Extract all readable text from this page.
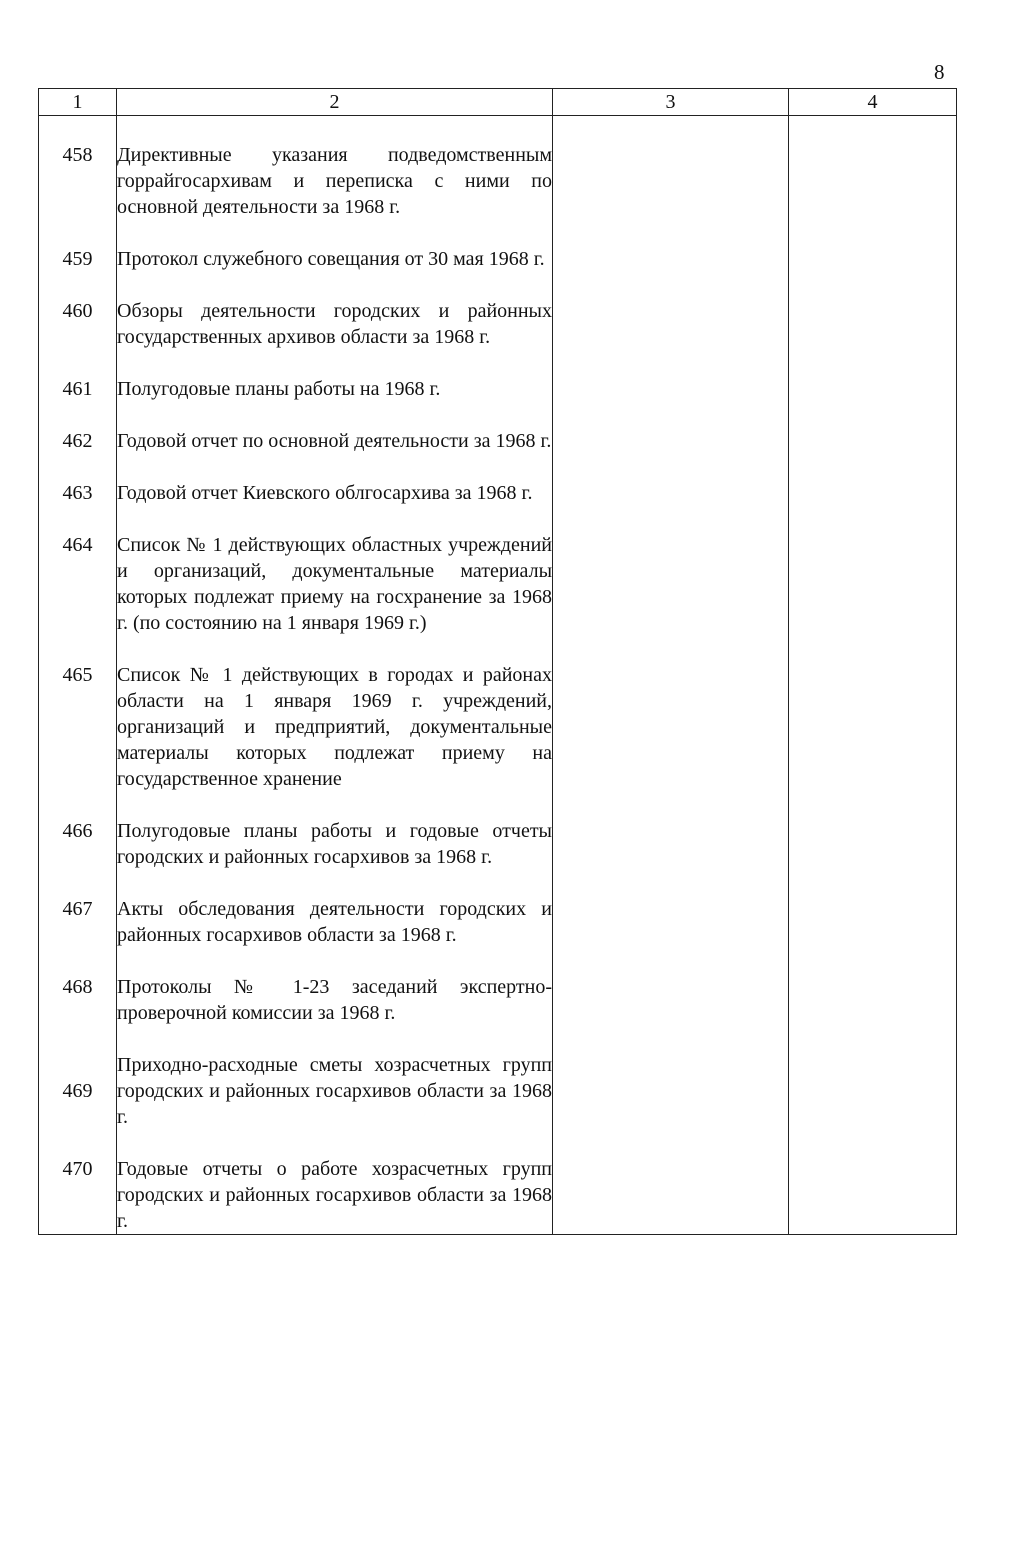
8
1	2	3	4

458	Директивные указания подведомственным горрайгосархивам и переписка с ними по основной деятельности за 1968 г.		

459	Протокол служебного совещания от 30 мая 1968 г.		

460	Обзоры деятельности городских и районных государственных архивов области за 1968 г.		

461	Полугодовые планы работы на 1968 г.		

462	Годовой отчет по основной деятельности за 1968 г.		

463	Годовой отчет Киевского облгосархива за 1968 г.		

464	Список № 1 действующих областных учреждений и организаций, документальные материалы которых подлежат приему на госхранение за 1968 г. (по состоянию на 1 января 1969 г.)		

465	Список № 1 действующих в городах и районах области на 1 января 1969 г. учреждений, организаций и предприятий, документальные материалы которых подлежат приему на государственное хранение		

466	Полугодовые планы работы и годовые отчеты городских и районных госархивов за 1968 г.		

467	Акты обследования деятельности городских и районных госархивов области за 1968 г.		

468	Протоколы № 1-23 заседаний экспертно-проверочной комиссии за 1968 г.		

469	Приходно-расходные сметы хозрасчетных групп городских и районных госархивов области за 1968 г.		

470	Годовые отчеты о работе хозрасчетных групп городских и районных госархивов области за 1968 г.		
